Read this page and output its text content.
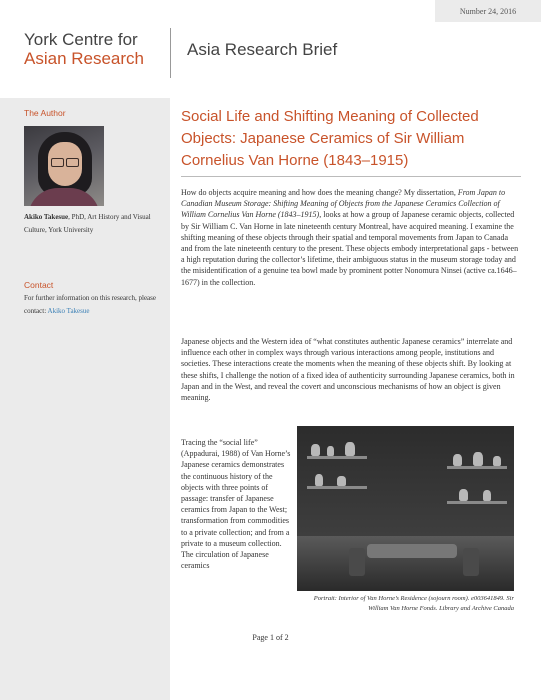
Number 24, 2016
York Centre for
Asian Research	Asia Research Brief
The Author
Akiko Takesue, PhD, Art History and Visual Culture, York University
Contact
For further information on this research, please contact: Akiko Takesue
Social Life and Shifting Meaning of Collected Objects: Japanese Ceramics of Sir William Cornelius Van Horne (1843–1915)
How do objects acquire meaning and how does the meaning change? My dissertation, From Japan to Canadian Museum Storage: Shifting Meaning of Objects from the Japanese Ceramics Collection of William Cornelius Van Horne (1843–1915), looks at how a group of Japanese ceramic objects, collected by Sir William C. Van Horne in late nineteenth century Montreal, have acquired meaning. I examine the shifting meaning of these objects through their spatial and temporal movements from Japan to Canada and from the late nineteenth century to the present. These objects embody interpretational gaps - between a high reputation during the collector’s lifetime, their ambiguous status in the museum storage today and the misidentification of a genuine tea bowl made by prominent potter Nonomura Ninsei (active ca.1646–1677) in the collection.
Japanese objects and the Western idea of “what constitutes authentic Japanese ceramics” interrelate and influence each other in complex ways through various interactions among people, institutions and societies. These interactions create the moments when the meaning of these objects shift. By looking at these shifts, I challenge the notion of a fixed idea of authenticity surrounding Japanese ceramics, both in Japan and in the West, and reveal the covert and unconscious mechanisms of how an object is given meaning.
Tracing the “social life” (Appadurai, 1988) of Van Horne’s Japanese ceramics demonstrates the continuous history of the objects with three points of passage: transfer of Japanese ceramics from Japan to the West; transformation from commodities to a private collection; and from a private to a museum collection. The circulation of Japanese ceramics
Portrait: Interior of Van Horne’s Residence (sojourn room). e003641849. Sir William Van Horne Fonds. Library and Archive Canada
Page 1 of 2
